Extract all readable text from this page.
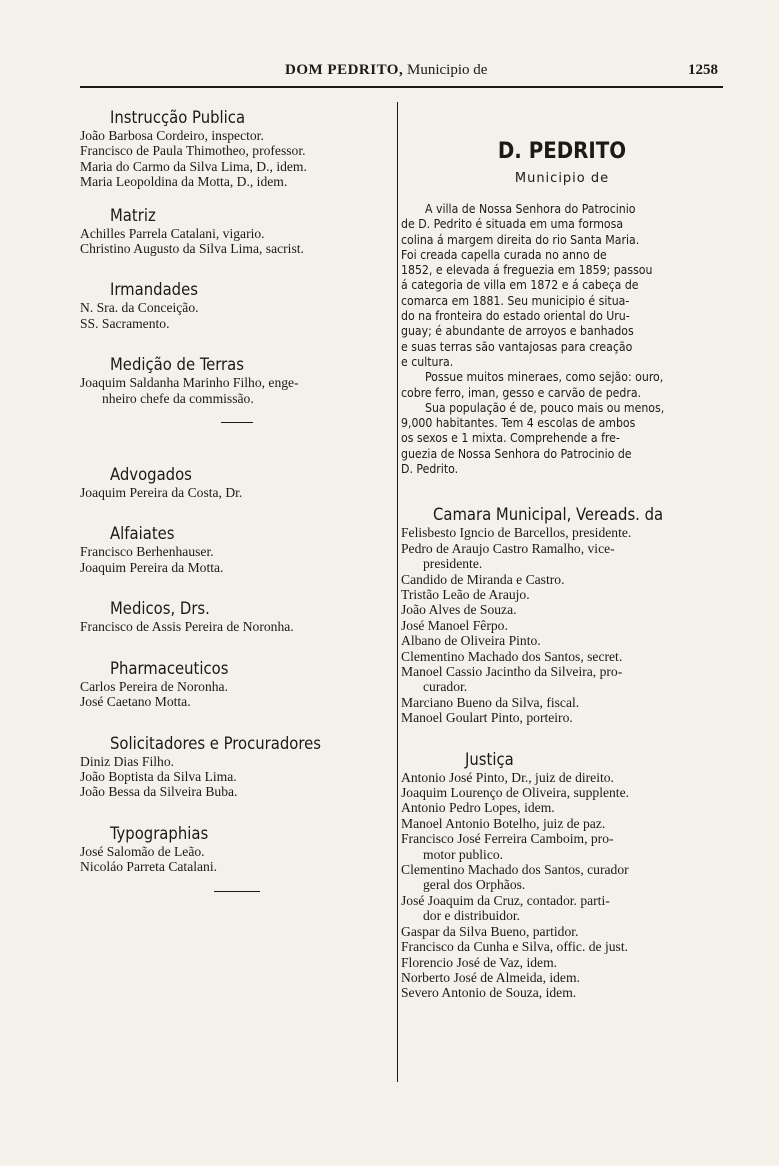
DOM PEDRITO, Municipio de	1258
Instrucção Publica
João Barbosa Cordeiro, inspector.
Francisco de Paula Thimotheo, professor.
Maria do Carmo da Silva Lima, D., idem.
Maria Leopoldina da Motta, D., idem.
Matriz
Achilles Parrela Catalani, vigario.
Christino Augusto da Silva Lima, sacrist.
Irmandades
N. Sra. da Conceição.
SS. Sacramento.
Medição de Terras
Joaquim Saldanha Marinho Filho, enge-
nheiro chefe da commissão.
Advogados
Joaquim Pereira da Costa, Dr.
Alfaiates
Francisco Berhenhauser.
Joaquim Pereira da Motta.
Medicos, Drs.
Francisco de Assis Pereira de Noronha.
Pharmaceuticos
Carlos Pereira de Noronha.
José Caetano Motta.
Solicitadores e Procuradores
Diniz Dias Filho.
João Boptista da Silva Lima.
João Bessa da Silveira Buba.
Typographias
José Salomão de Leão.
Nicoláo Parreta Catalani.
D. PEDRITO
Municipio de
A villa de Nossa Senhora do Patrocinio
de D. Pedrito é situada em uma formosa
colina á margem direita do rio Santa Maria.
Foi creada capella curada no anno de
1852, e elevada á freguezia em 1859; passou
á categoria de villa em 1872 e á cabeça de
comarca em 1881. Seu municipio é situa-
do na fronteira do estado oriental do Uru-
guay; é abundante de arroyos e banhados
e suas terras são vantajosas para creação
e cultura.
Possue muitos mineraes, como sejão: ouro,
cobre ferro, iman, gesso e carvão de pedra.
Sua população é de, pouco mais ou menos,
9,000 habitantes. Tem 4 escolas de ambos
os sexos e 1 mixta. Comprehende a fre-
guezia de Nossa Senhora do Patrocinio de
D. Pedrito.
Camara Municipal, Vereads. da
Felisbesto Igncio de Barcellos, presidente.
Pedro de Araujo Castro Ramalho, vice-
presidente.
Candido de Miranda e Castro.
Tristão Leão de Araujo.
João Alves de Souza.
José Manoel Fêrpo.
Albano de Oliveira Pinto.
Clementino Machado dos Santos, secret.
Manoel Cassio Jacintho da Silveira, pro-
curador.
Marciano Bueno da Silva, fiscal.
Manoel Goulart Pinto, porteiro.
Justiça
Antonio José Pinto, Dr., juiz de direito.
Joaquim Lourenço de Oliveira, supplente.
Antonio Pedro Lopes, idem.
Manoel Antonio Botelho, juiz de paz.
Francisco José Ferreira Camboim, pro-
motor publico.
Clementino Machado dos Santos, curador
geral dos Orphãos.
José Joaquim da Cruz, contador. parti-
dor e distribuidor.
Gaspar da Silva Bueno, partidor.
Francisco da Cunha e Silva, offic. de just.
Florencio José de Vaz, idem.
Norberto José de Almeida, idem.
Severo Antonio de Souza, idem.
